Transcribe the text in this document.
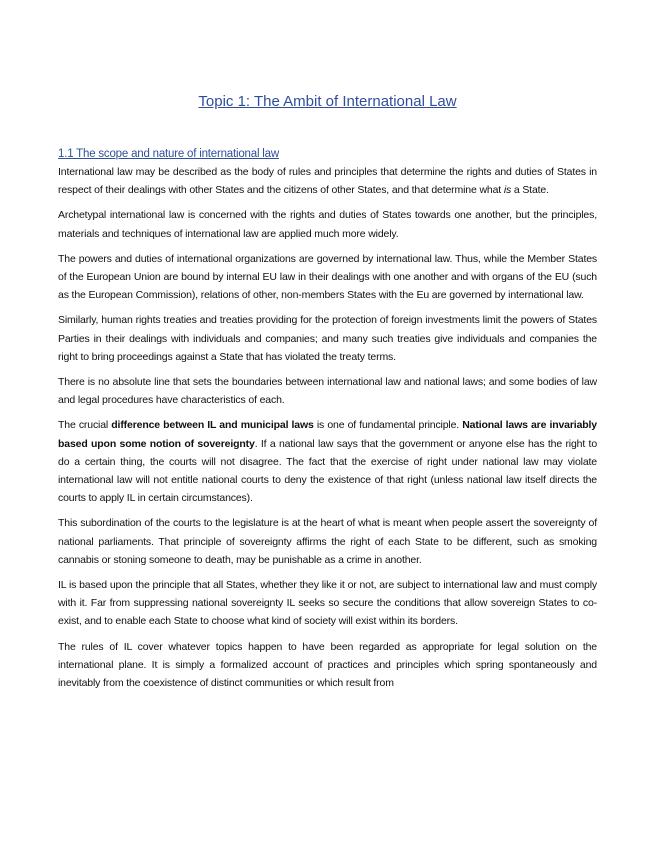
Topic 1: The Ambit of International Law
1.1 The scope and nature of international law

International law may be described as the body of rules and principles that determine the rights and duties of States in respect of their dealings with other States and the citizens of other States, and that determine what is a State.

Archetypal international law is concerned with the rights and duties of States towards one another, but the principles, materials and techniques of international law are applied much more widely.

The powers and duties of international organizations are governed by international law. Thus, while the Member States of the European Union are bound by internal EU law in their dealings with one another and with organs of the EU (such as the European Commission), relations of other, non-members States with the Eu are governed by international law.

Similarly, human rights treaties and treaties providing for the protection of foreign investments limit the powers of States Parties in their dealings with individuals and companies; and many such treaties give individuals and companies the right to bring proceedings against a State that has violated the treaty terms.

There is no absolute line that sets the boundaries between international law and national laws; and some bodies of law and legal procedures have characteristics of each.

The crucial difference between IL and municipal laws is one of fundamental principle. National laws are invariably based upon some notion of sovereignty. If a national law says that the government or anyone else has the right to do a certain thing, the courts will not disagree. The fact that the exercise of right under national law may violate international law will not entitle national courts to deny the existence of that right (unless national law itself directs the courts to apply IL in certain circumstances).

This subordination of the courts to the legislature is at the heart of what is meant when people assert the sovereignty of national parliaments. That principle of sovereignty affirms the right of each State to be different, such as smoking cannabis or stoning someone to death, may be punishable as a crime in another.

IL is based upon the principle that all States, whether they like it or not, are subject to international law and must comply with it. Far from suppressing national sovereignty IL seeks so secure the conditions that allow sovereign States to co-exist, and to enable each State to choose what kind of society will exist within its borders.

The rules of IL cover whatever topics happen to have been regarded as appropriate for legal solution on the international plane. It is simply a formalized account of practices and principles which spring spontaneously and inevitably from the coexistence of distinct communities or which result from
